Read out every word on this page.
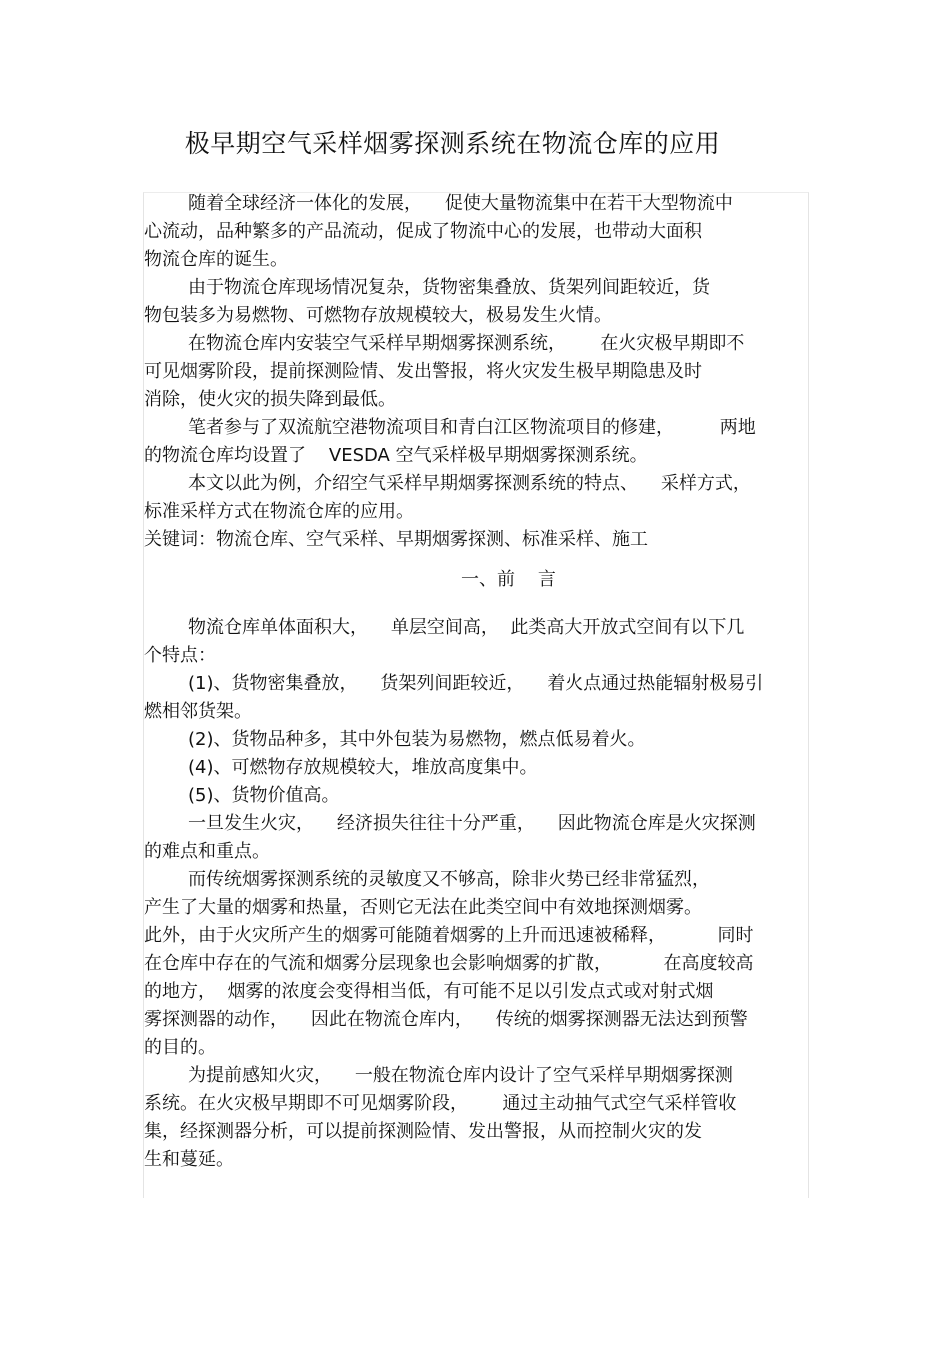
极早期空气采样烟雾探测系统在物流仓库的应用
随着全球经济一体化的发展，    促使大量物流集中在若干大型物流中
心流动，品种繁多的产品流动，促成了物流中心的发展，也带动大面积
物流仓库的诞生。
由于物流仓库现场情况复杂，货物密集叠放、货架列间距较近，货
物包装多为易燃物、可燃物存放规模较大，极易发生火情。
在物流仓库内安装空气采样早期烟雾探测系统，      在火灾极早期即不
可见烟雾阶段，提前探测险情、发出警报，将火灾发生极早期隐患及时
消除，使火灾的损失降到最低。
笔者参与了双流航空港物流项目和青白江区物流项目的修建，        两地
的物流仓库均设置了    VESDA 空气采样极早期烟雾探测系统。
本文以此为例，介绍空气采样早期烟雾探测系统的特点、    采样方式，
标准采样方式在物流仓库的应用。
关键词：物流仓库、空气采样、早期烟雾探测、标准采样、施工
一、前    言
物流仓库单体面积大，    单层空间高，  此类高大开放式空间有以下几
个特点：
(1)、货物密集叠放，    货架列间距较近，    着火点通过热能辐射极易引
燃相邻货架。
(2)、货物品种多，其中外包装为易燃物，燃点低易着火。
(4)、可燃物存放规模较大，堆放高度集中。
(5)、货物价值高。
一旦发生火灾，    经济损失往往十分严重，    因此物流仓库是火灾探测
的难点和重点。
而传统烟雾探测系统的灵敏度又不够高，除非火势已经非常猛烈，
产生了大量的烟雾和热量，否则它无法在此类空间中有效地探测烟雾。
此外，由于火灾所产生的烟雾可能随着烟雾的上升而迅速被稀释，         同时
在仓库中存在的气流和烟雾分层现象也会影响烟雾的扩散，         在高度较高
的地方，  烟雾的浓度会变得相当低，有可能不足以引发点式或对射式烟
雾探测器的动作，    因此在物流仓库内，    传统的烟雾探测器无法达到预警
的目的。
为提前感知火灾，    一般在物流仓库内设计了空气采样早期烟雾探测
系统。在火灾极早期即不可见烟雾阶段，      通过主动抽气式空气采样管收
集，经探测器分析，可以提前探测险情、发出警报，从而控制火灾的发
生和蔓延。
